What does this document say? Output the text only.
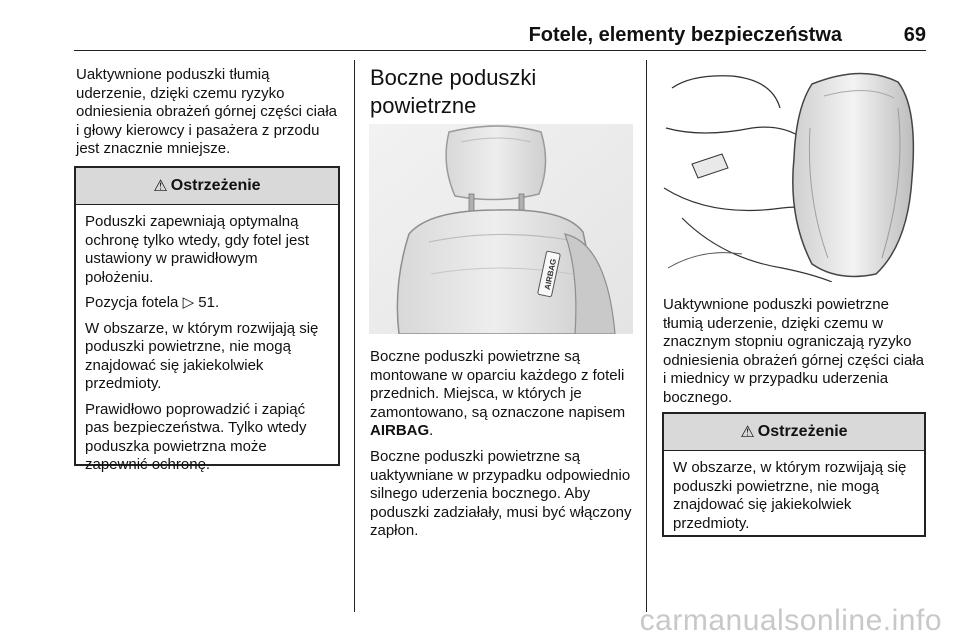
Fotele, elementy bezpieczeństwa	69

Uaktywnione poduszki tłumią uderzenie, dzięki czemu ryzyko odniesienia obrażeń górnej części ciała i głowy kierowcy i pasażera z przodu jest znacznie mniejsze.

⚠ Ostrzeżenie

Poduszki zapewniają optymalną ochronę tylko wtedy, gdy fotel jest ustawiony w prawidłowym położeniu.

Pozycja fotela ▷ 51.

W obszarze, w którym rozwijają się poduszki powietrzne, nie mogą znajdować się jakiekolwiek przedmioty.

Prawidłowo poprowadzić i zapiąć pas bezpieczeństwa. Tylko wtedy poduszka powietrzna może zapewnić ochronę.

Boczne poduszki powietrzne
AIRBAG

Boczne poduszki powietrzne są montowane w oparciu każdego z foteli przednich. Miejsca, w których je zamontowano, są oznaczone napisem AIRBAG.

Boczne poduszki powietrzne są uaktywniane w przypadku odpowiednio silnego uderzenia bocznego. Aby poduszki zadziałały, musi być włączony zapłon.

Uaktywnione poduszki powietrzne tłumią uderzenie, dzięki czemu w znacznym stopniu ograniczają ryzyko odniesienia obrażeń górnej części ciała i miednicy w przypadku uderzenia bocznego.

⚠ Ostrzeżenie

W obszarze, w którym rozwijają się poduszki powietrzne, nie mogą znajdować się jakiekolwiek przedmioty.

carmanualsonline.info
